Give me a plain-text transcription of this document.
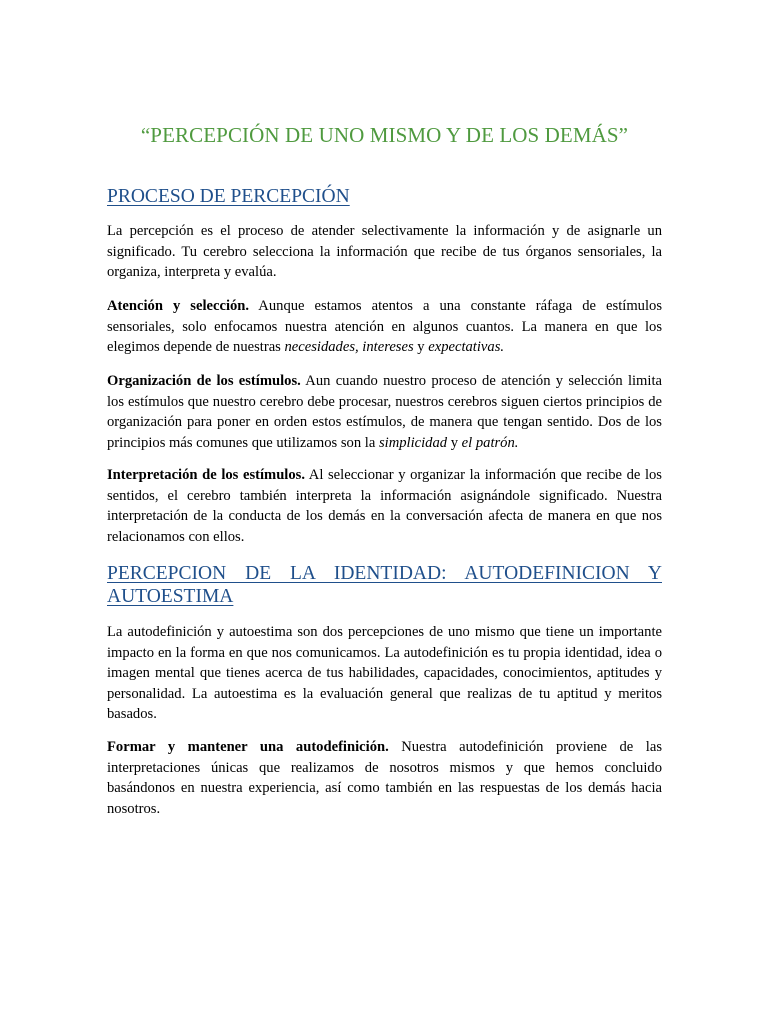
“PERCEPCIÓN DE UNO MISMO Y DE LOS DEMÁS”
PROCESO DE PERCEPCIÓN

La percepción es el proceso de atender selectivamente la información y de asignarle un significado. Tu cerebro selecciona la información que recibe de tus órganos sensoriales, la organiza, interpreta y evalúa.

Atención y selección. Aunque estamos atentos a una constante ráfaga de estímulos sensoriales, solo enfocamos nuestra atención en algunos cuantos. La manera en que los elegimos depende de nuestras necesidades, intereses y expectativas.

Organización de los estímulos. Aun cuando nuestro proceso de atención y selección limita los estímulos que nuestro cerebro debe procesar, nuestros cerebros siguen ciertos principios de organización para poner en orden estos estímulos, de manera que tengan sentido. Dos de los principios más comunes que utilizamos son la simplicidad y el patrón.

Interpretación de los estímulos. Al seleccionar y organizar la información que recibe de los sentidos, el cerebro también interpreta la información asignándole significado. Nuestra interpretación de la conducta de los demás en la conversación afecta de manera en que nos relacionamos con ellos.

PERCEPCION DE LA IDENTIDAD: AUTODEFINICION Y
AUTOESTIMA

La autodefinición y autoestima son dos percepciones de uno mismo que tiene un importante impacto en la forma en que nos comunicamos. La autodefinición es tu propia identidad, idea o imagen mental que tienes acerca de tus habilidades, capacidades, conocimientos, aptitudes y personalidad. La autoestima es la evaluación general que realizas de tu aptitud y meritos basados.

Formar y mantener una autodefinición. Nuestra autodefinición proviene de las interpretaciones únicas que realizamos de nosotros mismos y que hemos concluido basándonos en nuestra experiencia, así como también en las respuestas de los demás hacia nosotros.
